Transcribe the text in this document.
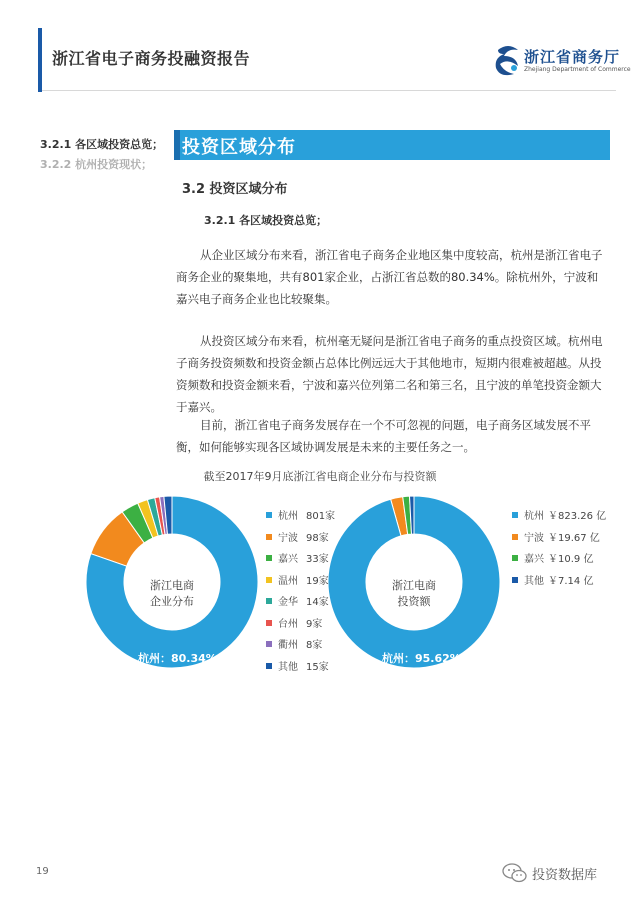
浙江省电子商务投融资报告	浙江省商务厅
Zhejiang Department of Commerce
3.2.1 各区域投资总览；
3.2.2 杭州投资现状；
投资区域分布
3.2 投资区域分布
3.2.1 各区域投资总览；

从企业区域分布来看，浙江省电子商务企业地区集中度较高，杭州是浙江省电子商务企业的聚集地，共有801家企业，占浙江省总数的80.34%。除杭州外，宁波和嘉兴电子商务企业也比较聚集。

从投资区域分布来看，杭州毫无疑问是浙江省电子商务的重点投资区域。杭州电子商务投资频数和投资金额占总体比例远远大于其他地市，短期内很难被超越。从投资频数和投资金额来看，宁波和嘉兴位列第二名和第三名，且宁波的单笔投资金额大于嘉兴。

目前，浙江省电子商务发展存在一个不可忽视的问题，电子商务区域发展不平衡，如何能够实现各区域协调发展是未来的主要任务之一。

截至2017年9月底浙江省电商企业分布与投资额
浙江电商
企业分布
杭州：80.34%
浙江电商
投资额
杭州：95.62%
杭州 801家
宁波 98家
嘉兴 33家
温州 19家
金华 14家
台州 9家
衢州 8家
其他 15家
杭州 ￥823.26 亿
宁波 ￥19.67 亿
嘉兴 ￥10.9 亿
其他 ￥7.14 亿
19	投资数据库
